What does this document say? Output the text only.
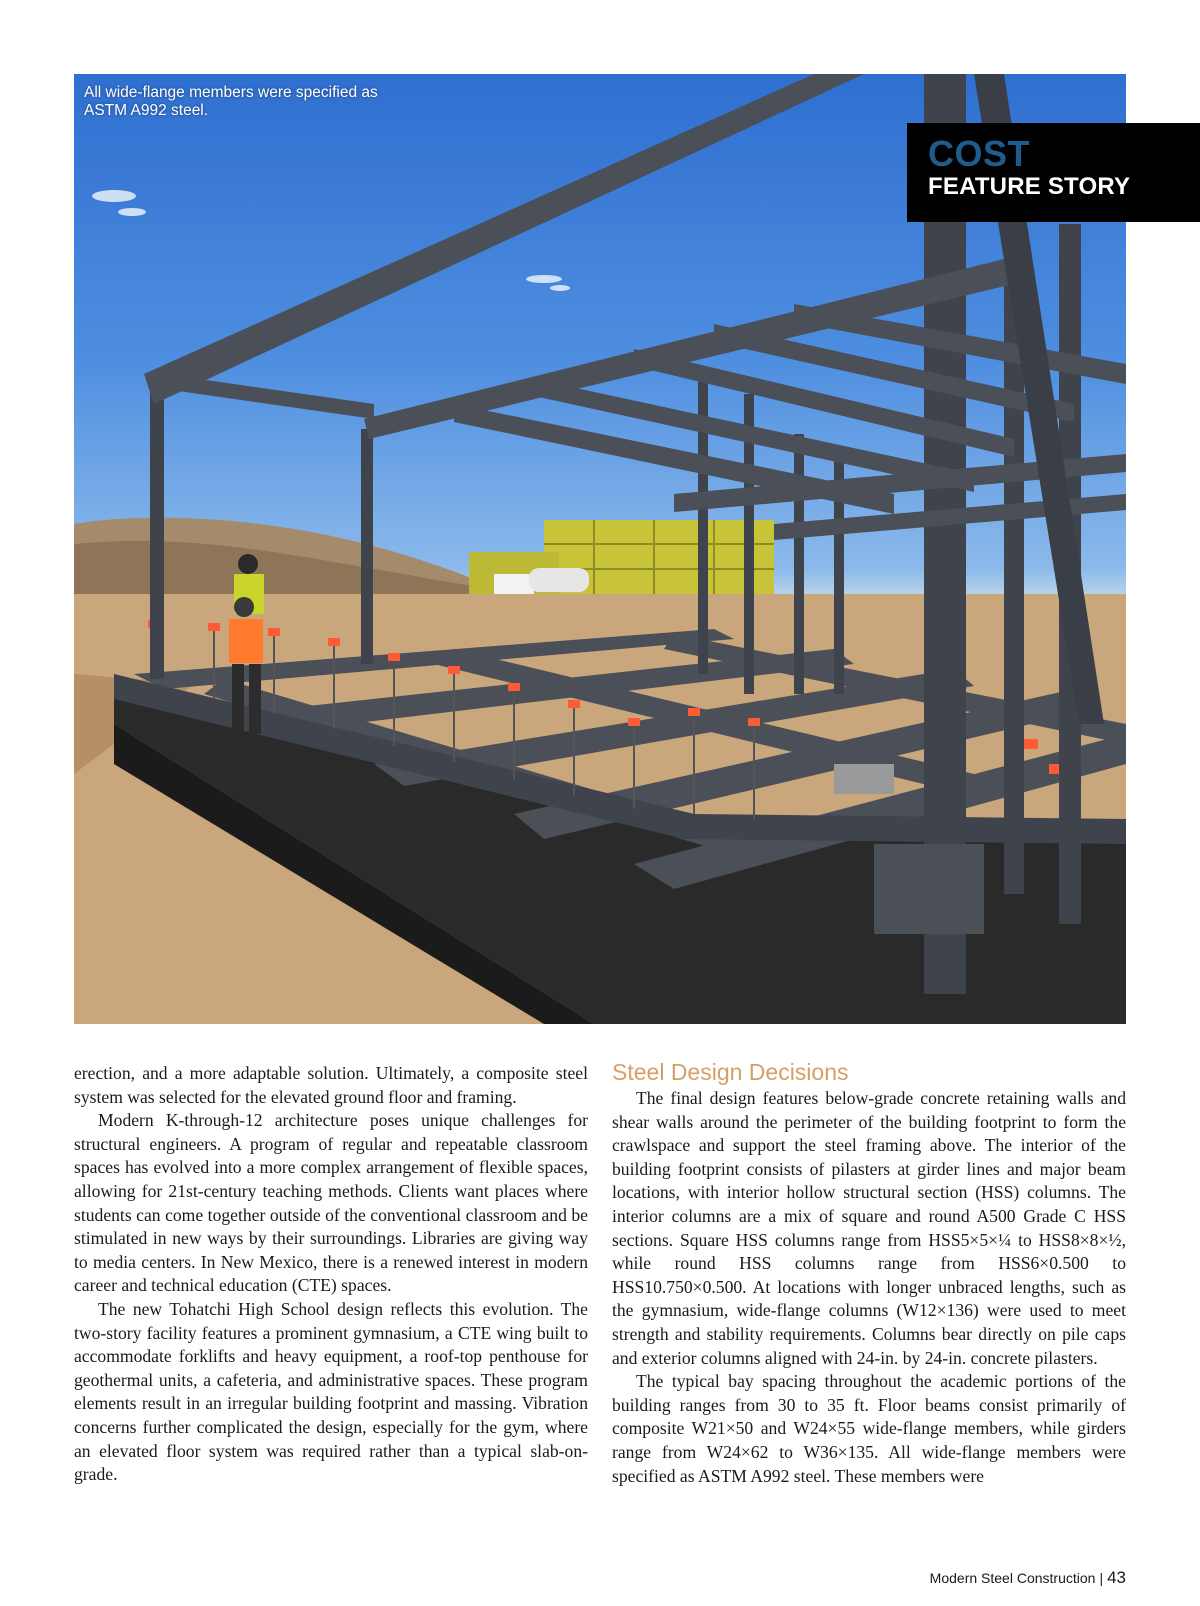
All wide-flange members were specified as ASTM A992 steel.
COST
FEATURE STORY

erection, and a more adaptable solution. Ultimately, a composite steel system was selected for the elevated ground floor and framing.

Modern K-through-12 architecture poses unique challenges for structural engineers. A program of regular and repeatable classroom spaces has evolved into a more complex arrangement of flexible spaces, allowing for 21st-century teaching methods. Clients want places where students can come together outside of the conventional classroom and be stimulated in new ways by their surroundings. Libraries are giving way to media centers. In New Mexico, there is a renewed interest in modern career and technical education (CTE) spaces.

The new Tohatchi High School design reflects this evolution. The two-story facility features a prominent gymnasium, a CTE wing built to accommodate forklifts and heavy equipment, a roof-top penthouse for geothermal units, a cafeteria, and administrative spaces. These program elements result in an irregular building footprint and massing. Vibration concerns further complicated the design, especially for the gym, where an elevated floor system was required rather than a typical slab-on-grade.

Steel Design Decisions

The final design features below-grade concrete retaining walls and shear walls around the perimeter of the building footprint to form the crawlspace and support the steel framing above. The interior of the building footprint consists of pilasters at girder lines and major beam locations, with interior hollow structural section (HSS) columns. The interior columns are a mix of square and round A500 Grade C HSS sections. Square HSS columns range from HSS5×5×¼ to HSS8×8×½, while round HSS columns range from HSS6×0.500 to HSS10.750×0.500. At locations with longer unbraced lengths, such as the gymnasium, wide-flange columns (W12×136) were used to meet strength and stability requirements. Columns bear directly on pile caps and exterior columns aligned with 24-in. by 24-in. concrete pilasters.

The typical bay spacing throughout the academic portions of the building ranges from 30 to 35 ft. Floor beams consist primarily of composite W21×50 and W24×55 wide-flange members, while girders range from W24×62 to W36×135. All wide-flange members were specified as ASTM A992 steel. These members were

Modern Steel Construction | 43
